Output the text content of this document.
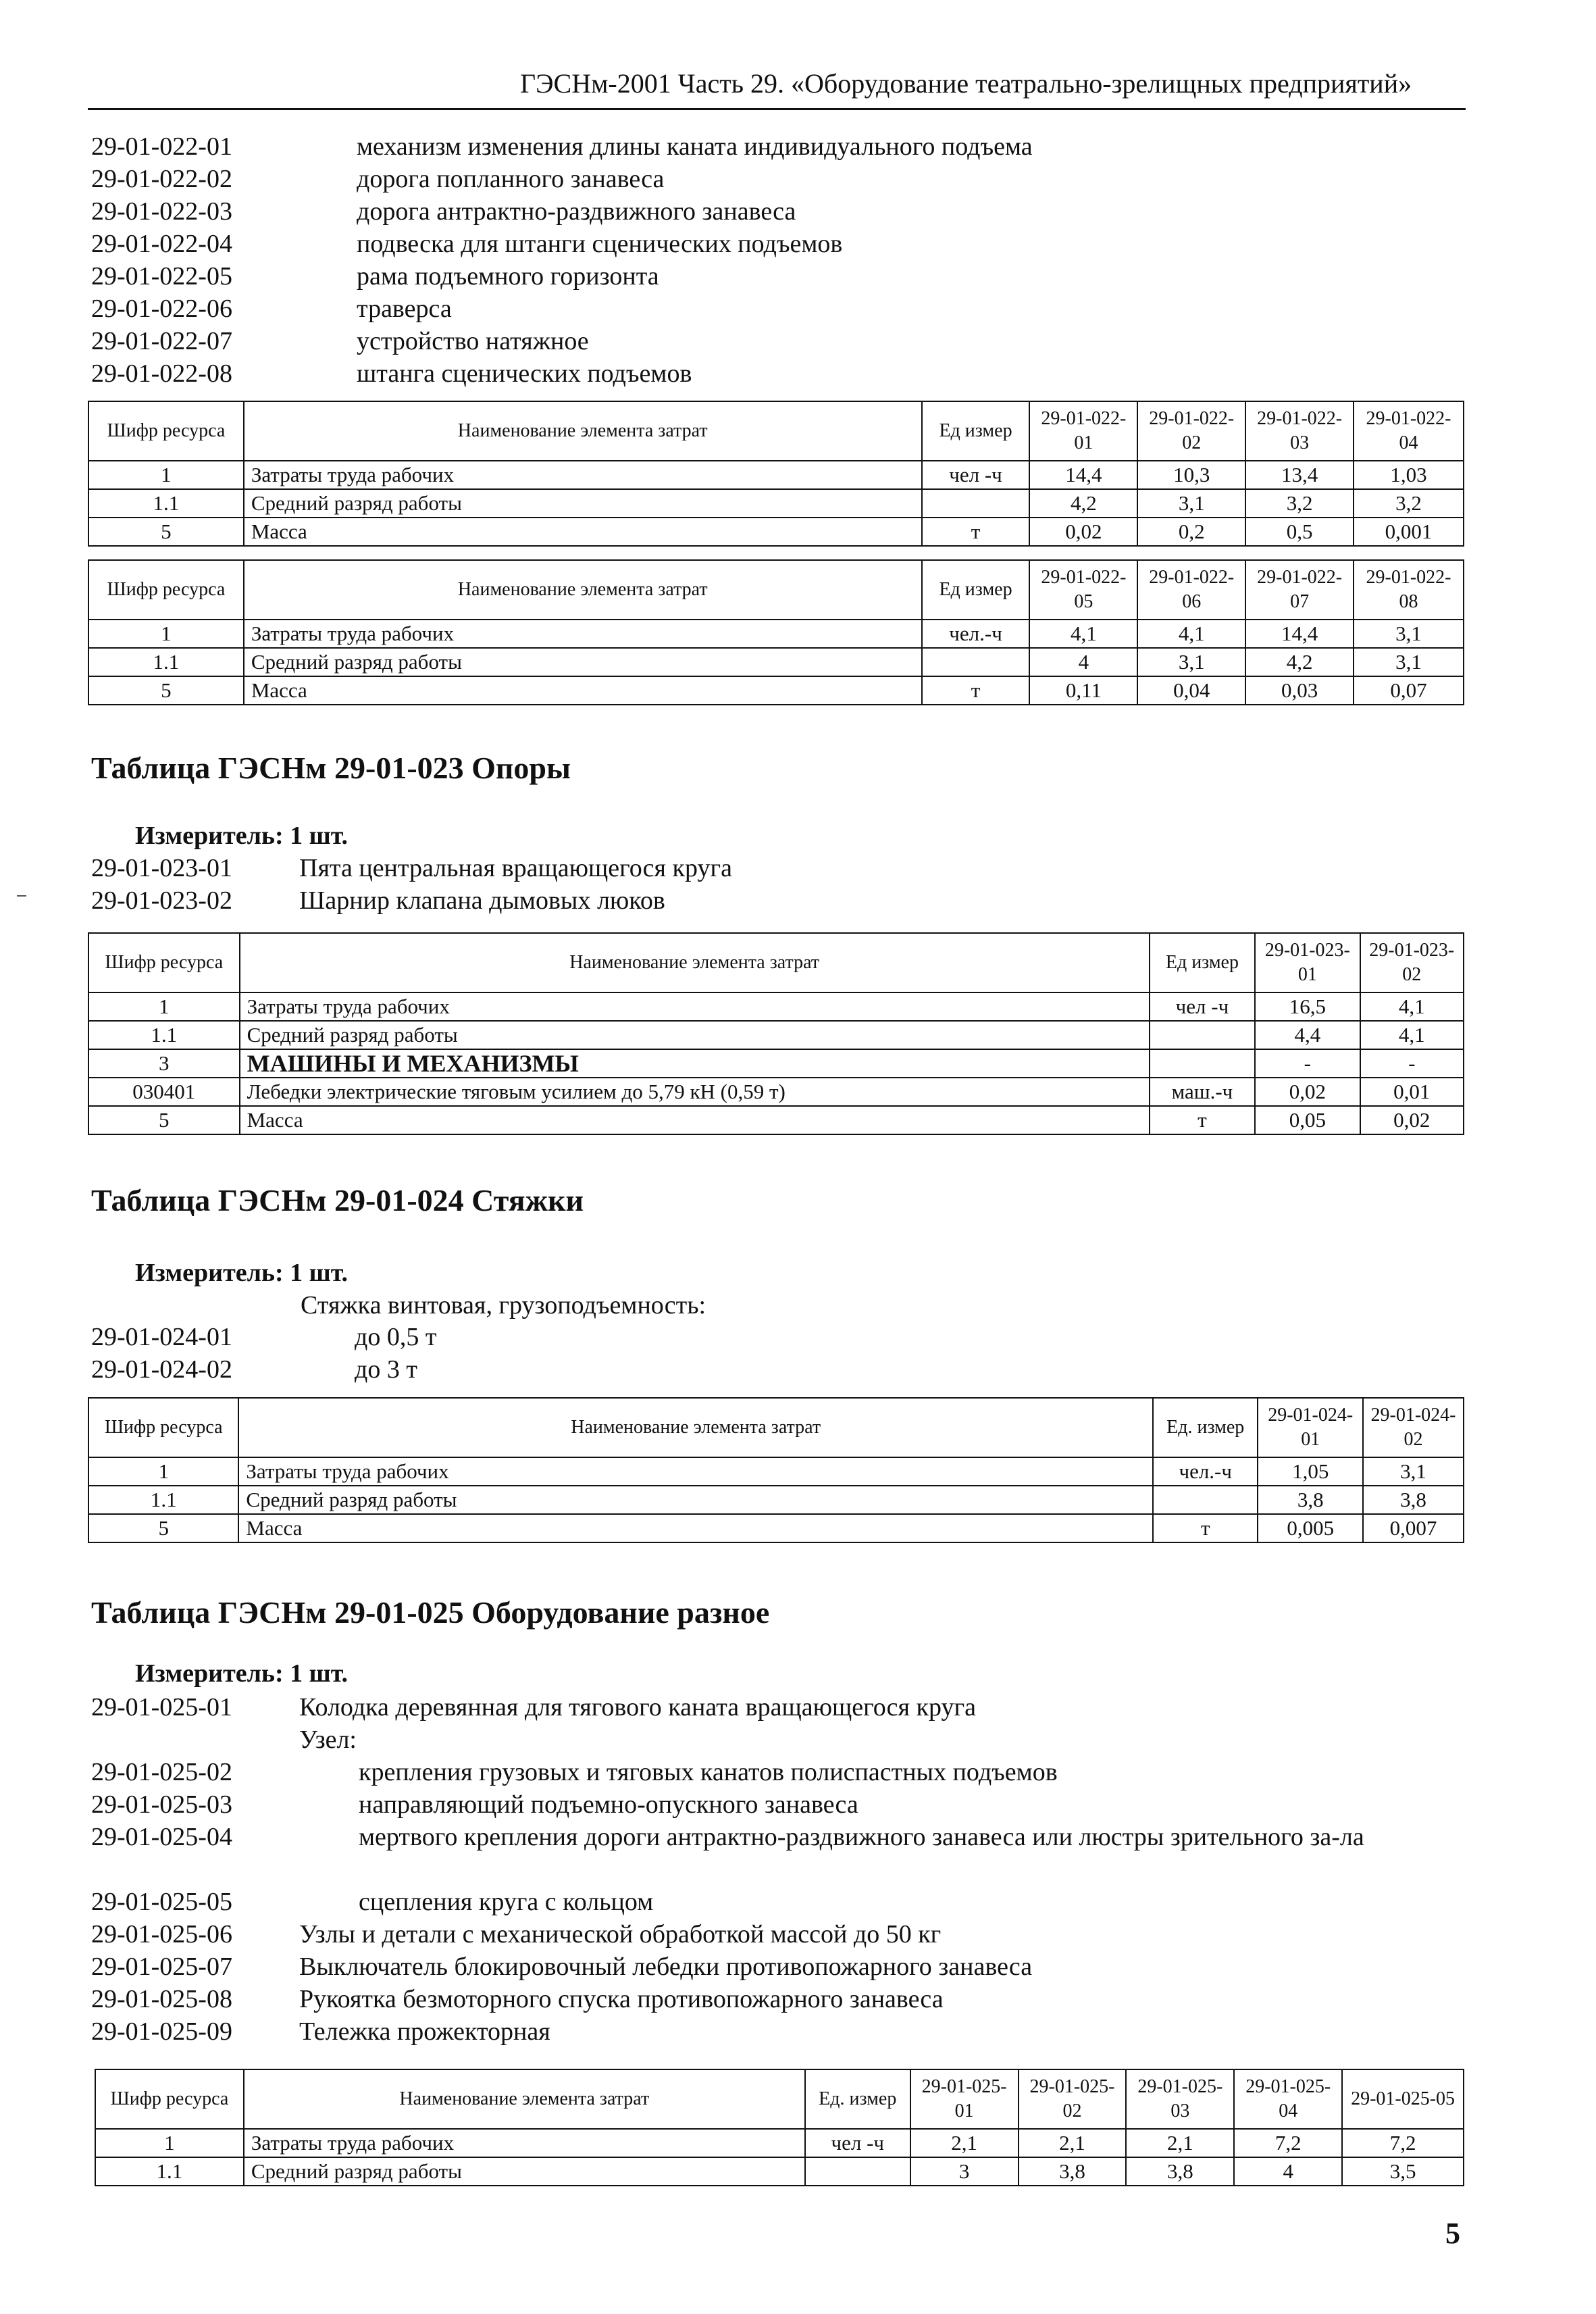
ГЭСНм-2001 Часть 29. «Оборудование театрально-зрелищных предприятий»
29-01-022-01	механизм изменения длины каната индивидуального подъема
29-01-022-02	дорога попланного занавеса
29-01-022-03	дорога антрактно-раздвижного занавеса
29-01-022-04	подвеска для штанги сценических подъемов
29-01-022-05	рама подъемного горизонта
29-01-022-06	траверса
29-01-022-07	устройство натяжное
29-01-022-08	штанга сценических подъемов
Шифр ресурса	Наименование элемента затрат	Ед измер	29-01-022-01	29-01-022-02	29-01-022-03	29-01-022-04
1	Затраты труда рабочих	чел -ч	14,4	10,3	13,4	1,03
1.1	Средний разряд работы		4,2	3,1	3,2	3,2
5	Масса	т	0,02	0,2	0,5	0,001
Шифр ресурса	Наименование элемента затрат	Ед измер	29-01-022-05	29-01-022-06	29-01-022-07	29-01-022-08
1	Затраты труда рабочих	чел.-ч	4,1	4,1	14,4	3,1
1.1	Средний разряд работы		4	3,1	4,2	3,1
5	Масса	т	0,11	0,04	0,03	0,07
Таблица ГЭСНм 29-01-023 Опоры
Измеритель: 1 шт.
29-01-023-01	Пята центральная вращающегося круга
29-01-023-02	Шарнир клапана дымовых люков
Шифр ресурса	Наименование элемента затрат	Ед измер	29-01-023-01	29-01-023-02
1	Затраты труда рабочих	чел -ч	16,5	4,1
1.1	Средний разряд работы		4,4	4,1
3	МАШИНЫ И МЕХАНИЗМЫ		-	-
030401	Лебедки электрические тяговым усилием до 5,79 кН (0,59 т)	маш.-ч	0,02	0,01
5	Масса	т	0,05	0,02
Таблица ГЭСНм 29-01-024 Стяжки
Измеритель: 1 шт.
Стяжка винтовая, грузоподъемность:
29-01-024-01	до 0,5 т
29-01-024-02	до 3 т
Шифр ресурса	Наименование элемента затрат	Ед. измер	29-01-024-01	29-01-024-02
1	Затраты труда рабочих	чел.-ч	1,05	3,1
1.1	Средний разряд работы		3,8	3,8
5	Масса	т	0,005	0,007
Таблица ГЭСНм 29-01-025 Оборудование разное
Измеритель: 1 шт.
29-01-025-01	Колодка деревянная для тягового каната вращающегося круга
Узел:
29-01-025-02	крепления грузовых и тяговых канатов полиспастных подъемов
29-01-025-03	направляющий подъемно-опускного занавеса
29-01-025-04	мертвого крепления дороги антрактно-раздвижного занавеса или люстры зрительного за-ла
29-01-025-05	сцепления круга с кольцом
29-01-025-06	Узлы и детали с механической обработкой массой до 50 кг
29-01-025-07	Выключатель блокировочный лебедки противопожарного занавеса
29-01-025-08	Рукоятка безмоторного спуска противопожарного занавеса
29-01-025-09	Тележка прожекторная
Шифр ресурса	Наименование элемента затрат	Ед. измер	29-01-025-01	29-01-025-02	29-01-025-03	29-01-025-04	29-01-025-05
1	Затраты труда рабочих	чел -ч	2,1	2,1	2,1	7,2	7,2
1.1	Средний разряд работы		3	3,8	3,8	4	3,5
5
